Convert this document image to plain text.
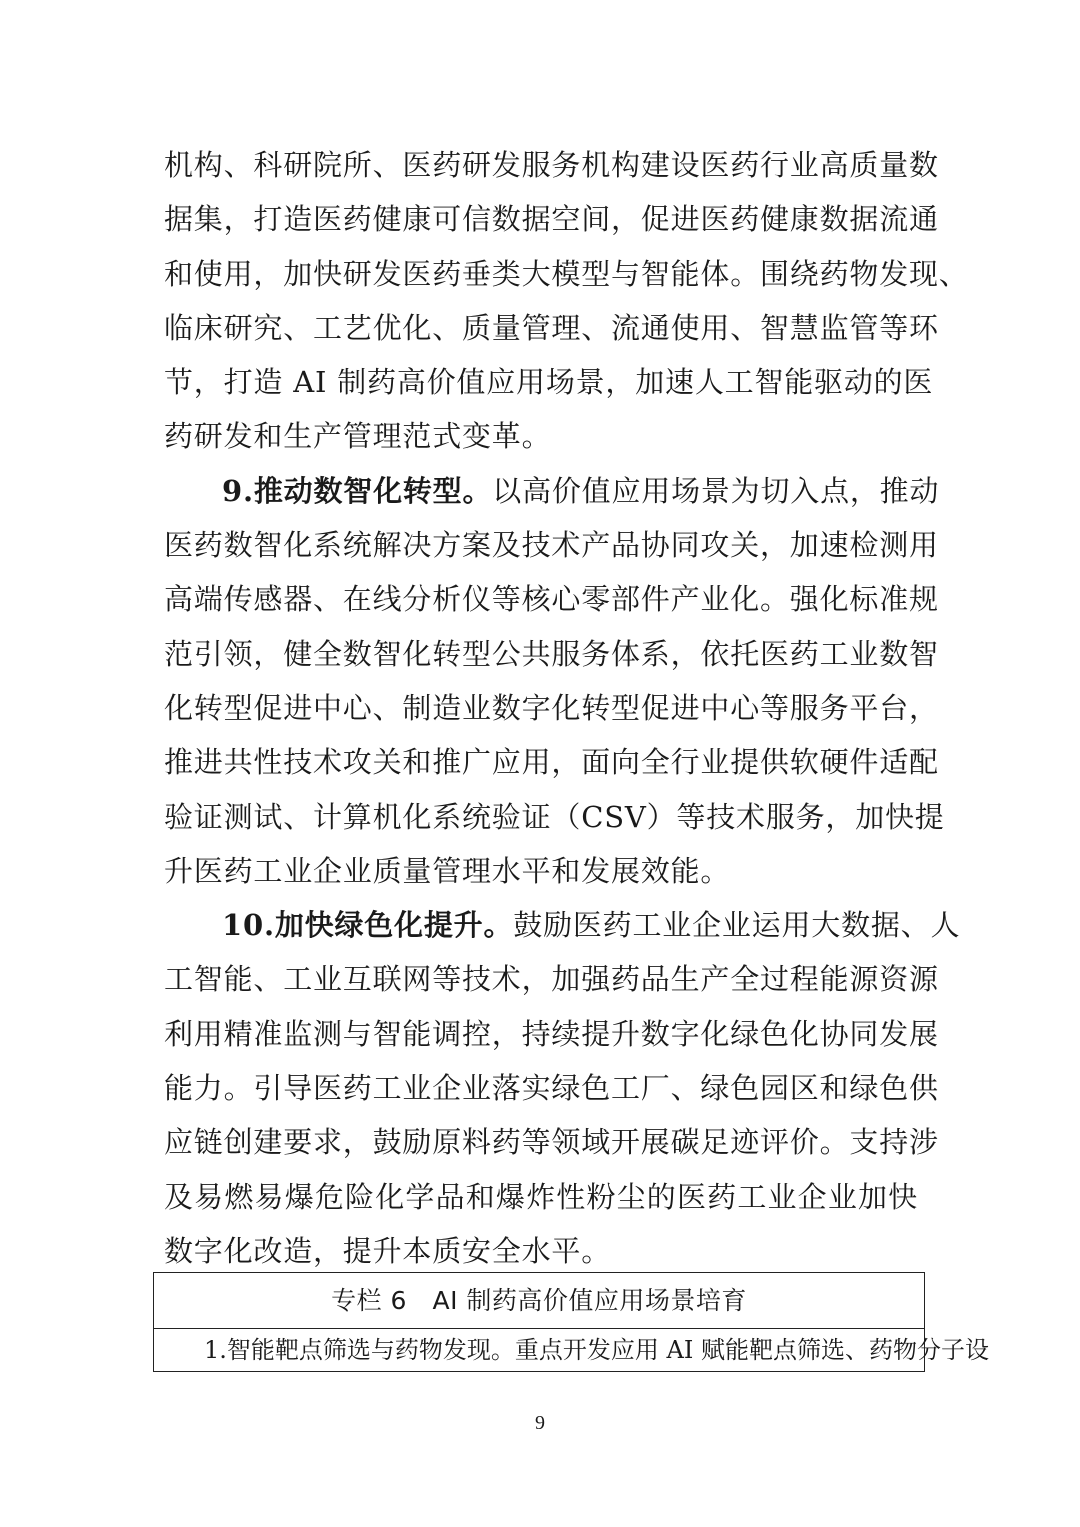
机构、科研院所、医药研发服务机构建设医药行业高质量数
据集，打造医药健康可信数据空间，促进医药健康数据流通
和使用，加快研发医药垂类大模型与智能体。围绕药物发现、
临床研究、工艺优化、质量管理、流通使用、智慧监管等环
节，打造 AI 制药高价值应用场景，加速人工智能驱动的医
药研发和生产管理范式变革。
9.推动数智化转型。以高价值应用场景为切入点，推动
医药数智化系统解决方案及技术产品协同攻关，加速检测用
高端传感器、在线分析仪等核心零部件产业化。强化标准规
范引领，健全数智化转型公共服务体系，依托医药工业数智
化转型促进中心、制造业数字化转型促进中心等服务平台，
推进共性技术攻关和推广应用，面向全行业提供软硬件适配
验证测试、计算机化系统验证（CSV）等技术服务，加快提
升医药工业企业质量管理水平和发展效能。
10.加快绿色化提升。鼓励医药工业企业运用大数据、人
工智能、工业互联网等技术，加强药品生产全过程能源资源
利用精准监测与智能调控，持续提升数字化绿色化协同发展
能力。引导医药工业企业落实绿色工厂、绿色园区和绿色供
应链创建要求，鼓励原料药等领域开展碳足迹评价。支持涉
及易燃易爆危险化学品和爆炸性粉尘的医药工业企业加快
数字化改造，提升本质安全水平。
专栏 6　AI 制药高价值应用场景培育
1.智能靶点筛选与药物发现。重点开发应用 AI 赋能靶点筛选、药物分子设
9
